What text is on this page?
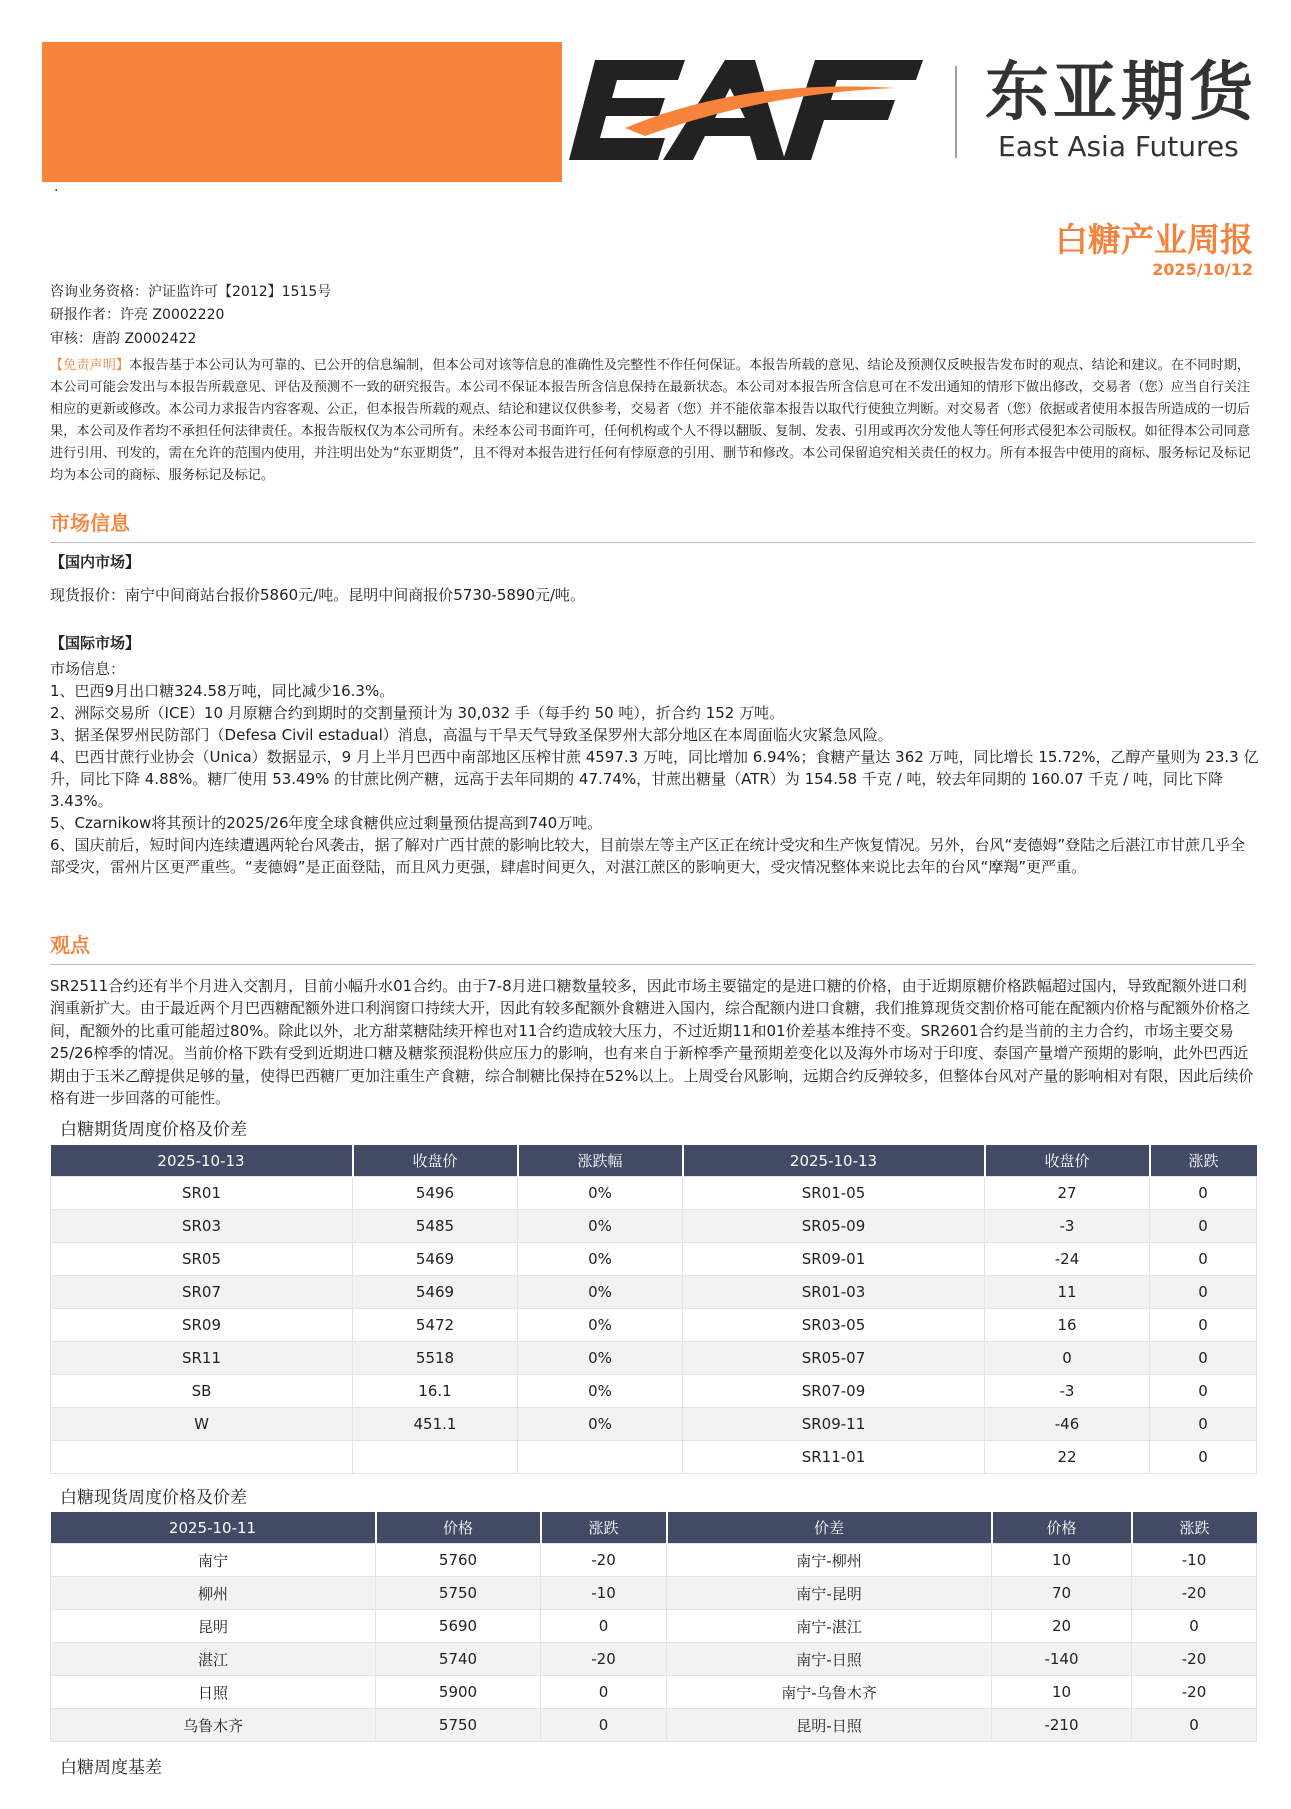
东亚期货
East Asia Futures
·
白糖产业周报
2025/10/12
咨询业务资格：沪证监许可【2012】1515号
研报作者：许亮 Z0002220
审核：唐韵 Z0002422
【免责声明】本报告基于本公司认为可靠的、已公开的信息编制，但本公司对该等信息的准确性及完整性不作任何保证。本报告所载的意见、结论及预测仅反映报告发布时的观点、结论和建议。在不同时期，本公司可能会发出与本报告所载意见、评估及预测不一致的研究报告。本公司不保证本报告所含信息保持在最新状态。本公司对本报告所含信息可在不发出通知的情形下做出修改，交易者（您）应当自行关注相应的更新或修改。本公司力求报告内容客观、公正，但本报告所载的观点、结论和建议仅供参考，交易者（您）并不能依靠本报告以取代行使独立判断。对交易者（您）依据或者使用本报告所造成的一切后果，本公司及作者均不承担任何法律责任。本报告版权仅为本公司所有。未经本公司书面许可，任何机构或个人不得以翻版、复制、发表、引用或再次分发他人等任何形式侵犯本公司版权。如征得本公司同意进行引用、刊发的，需在允许的范围内使用，并注明出处为“东亚期货”，且不得对本报告进行任何有悖原意的引用、删节和修改。本公司保留追究相关责任的权力。所有本报告中使用的商标、服务标记及标记均为本公司的商标、服务标记及标记。
市场信息
【国内市场】
现货报价：南宁中间商站台报价5860元/吨。昆明中间商报价5730-5890元/吨。
【国际市场】

市场信息：

1、巴西9月出口糖324.58万吨，同比减少16.3%。

2、洲际交易所（ICE）10 月原糖合约到期时的交割量预计为 30,032 手（每手约 50 吨），折合约 152 万吨。

3、据圣保罗州民防部门（Defesa Civil estadual）消息，高温与干旱天气导致圣保罗州大部分地区在本周面临火灾紧急风险。

4、巴西甘蔗行业协会（Unica）数据显示，9 月上半月巴西中南部地区压榨甘蔗 4597.3 万吨，同比增加 6.94%；食糖产量达 362 万吨，同比增长 15.72%，乙醇产量则为 23.3 亿升，同比下降 4.88%。糖厂使用 53.49% 的甘蔗比例产糖，远高于去年同期的 47.74%，甘蔗出糖量（ATR）为 154.58 千克 / 吨，较去年同期的 160.07 千克 / 吨，同比下降 3.43%。

5、Czarnikow将其预计的2025/26年度全球食糖供应过剩量预估提高到740万吨。

6、国庆前后，短时间内连续遭遇两轮台风袭击，据了解对广西甘蔗的影响比较大，目前崇左等主产区正在统计受灾和生产恢复情况。另外，台风“麦德姆”登陆之后湛江市甘蔗几乎全部受灾，雷州片区更严重些。“麦德姆”是正面登陆，而且风力更强，肆虐时间更久，对湛江蔗区的影响更大，受灾情况整体来说比去年的台风“摩羯”更严重。

观点

SR2511合约还有半个月进入交割月，目前小幅升水01合约。由于7-8月进口糖数量较多，因此市场主要锚定的是进口糖的价格，由于近期原糖价格跌幅超过国内，导致配额外进口利润重新扩大。由于最近两个月巴西糖配额外进口利润窗口持续大开，因此有较多配额外食糖进入国内，综合配额内进口食糖，我们推算现货交割价格可能在配额内价格与配额外价格之间，配额外的比重可能超过80%。除此以外，北方甜菜糖陆续开榨也对11合约造成较大压力，不过近期11和01价差基本维持不变。SR2601合约是当前的主力合约，市场主要交易25/26榨季的情况。当前价格下跌有受到近期进口糖及糖浆预混粉供应压力的影响，也有来自于新榨季产量预期差变化以及海外市场对于印度、泰国产量增产预期的影响，此外巴西近期由于玉米乙醇提供足够的量，使得巴西糖厂更加注重生产食糖，综合制糖比保持在52%以上。上周受台风影响，远期合约反弹较多，但整体台风对产量的影响相对有限，因此后续价格有进一步回落的可能性。

白糖期货周度价格及价差
2025-10-13	收盘价	涨跌幅	2025-10-13	收盘价	涨跌
SR01	5496	0%	SR01-05	27	0
SR03	5485	0%	SR05-09	-3	0
SR05	5469	0%	SR09-01	-24	0
SR07	5469	0%	SR01-03	11	0
SR09	5472	0%	SR03-05	16	0
SR11	5518	0%	SR05-07	0	0
SB	16.1	0%	SR07-09	-3	0
W	451.1	0%	SR09-11	-46	0
			SR11-01	22	0
白糖现货周度价格及价差
2025-10-11	价格	涨跌	价差	价格	涨跌
南宁	5760	-20	南宁-柳州	10	-10
柳州	5750	-10	南宁-昆明	70	-20
昆明	5690	0	南宁-湛江	20	0
湛江	5740	-20	南宁-日照	-140	-20
日照	5900	0	南宁-乌鲁木齐	10	-20
乌鲁木齐	5750	0	昆明-日照	-210	0
白糖周度基差
